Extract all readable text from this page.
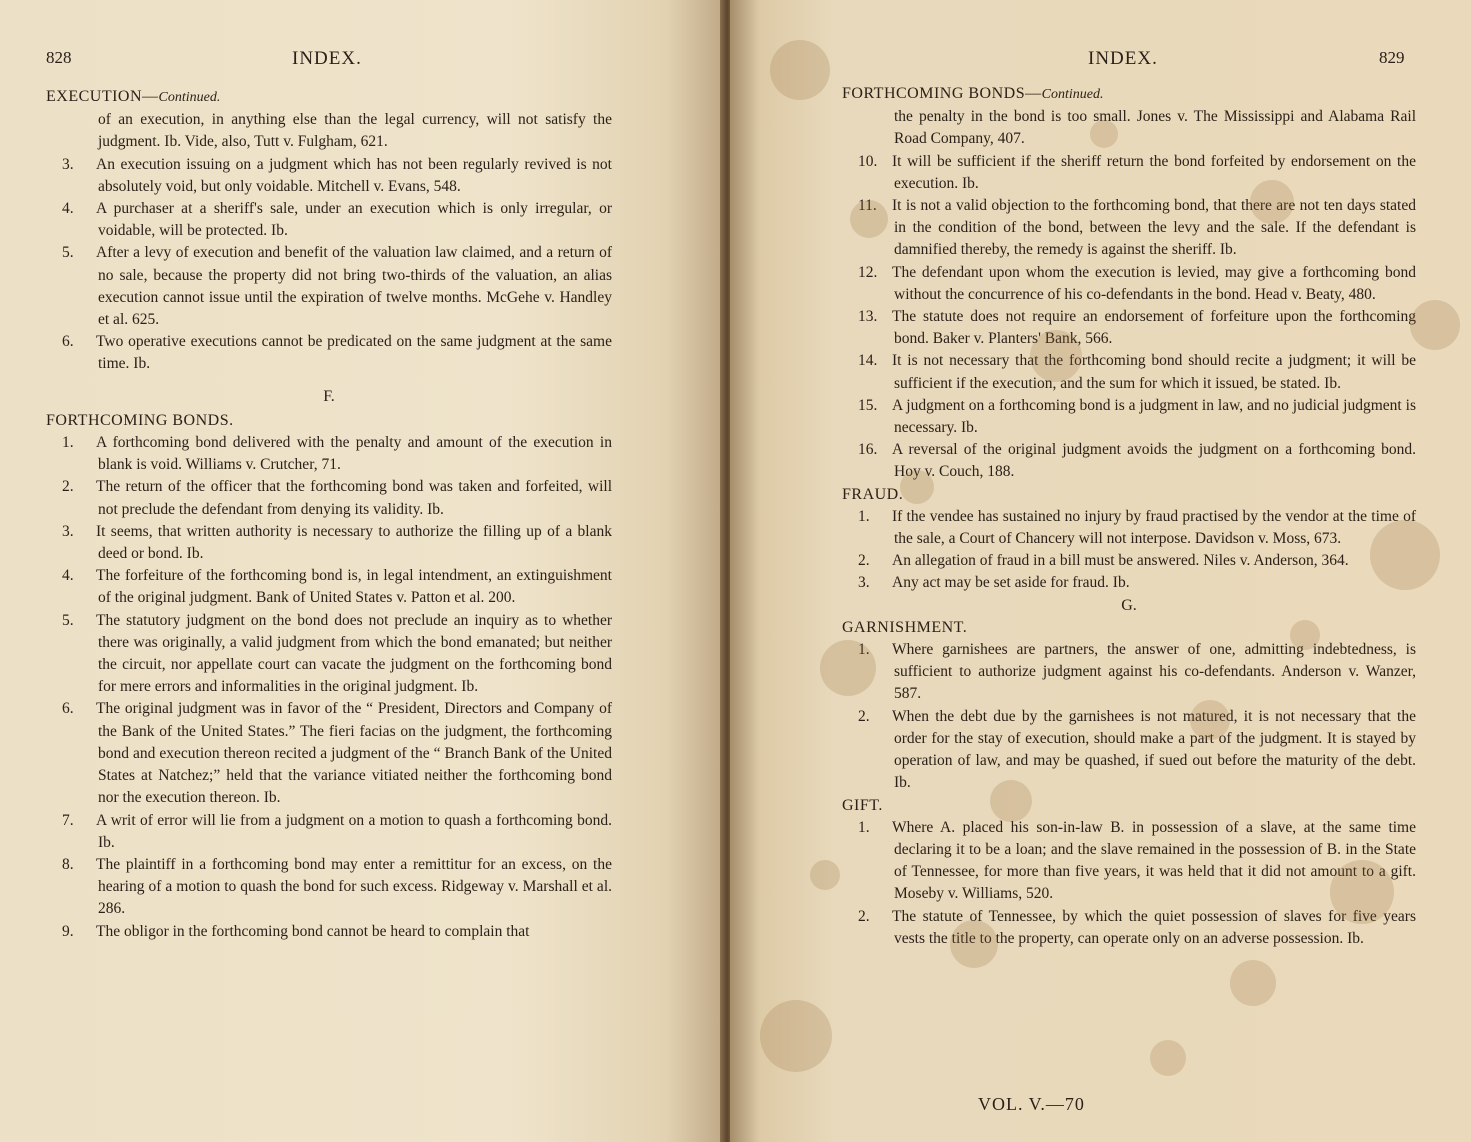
828	INDEX.

EXECUTION—Continued.

of an execution, in anything else than the legal currency, will not satisfy the judgment. Ib. Vide, also, Tutt v. Fulgham, 621.

3. An execution issuing on a judgment which has not been regularly revived is not absolutely void, but only voidable. Mitchell v. Evans, 548.

4. A purchaser at a sheriff's sale, under an execution which is only irregular, or voidable, will be protected. Ib.

5. After a levy of execution and benefit of the valuation law claimed, and a return of no sale, because the property did not bring two-thirds of the valuation, an alias execution cannot issue until the expiration of twelve months. McGehe v. Handley et al. 625.

6. Two operative executions cannot be predicated on the same judgment at the same time. Ib.

F.

FORTHCOMING BONDS.

1. A forthcoming bond delivered with the penalty and amount of the execution in blank is void. Williams v. Crutcher, 71.

2. The return of the officer that the forthcoming bond was taken and forfeited, will not preclude the defendant from denying its validity. Ib.

3. It seems, that written authority is necessary to authorize the filling up of a blank deed or bond. Ib.

4. The forfeiture of the forthcoming bond is, in legal intendment, an extinguishment of the original judgment. Bank of United States v. Patton et al. 200.

5. The statutory judgment on the bond does not preclude an inquiry as to whether there was originally, a valid judgment from which the bond emanated; but neither the circuit, nor appellate court can vacate the judgment on the forthcoming bond for mere errors and informalities in the original judgment. Ib.

6. The original judgment was in favor of the “ President, Directors and Company of the Bank of the United States.” The fieri facias on the judgment, the forthcoming bond and execution thereon recited a judgment of the “ Branch Bank of the United States at Natchez;” held that the variance vitiated neither the forthcoming bond nor the execution thereon. Ib.

7. A writ of error will lie from a judgment on a motion to quash a forthcoming bond. Ib.

8. The plaintiff in a forthcoming bond may enter a remittitur for an excess, on the hearing of a motion to quash the bond for such excess. Ridgeway v. Marshall et al. 286.

9. The obligor in the forthcoming bond cannot be heard to complain that

INDEX.	829

FORTHCOMING BONDS—Continued.

the penalty in the bond is too small. Jones v. The Mississippi and Alabama Rail Road Company, 407.

10. It will be sufficient if the sheriff return the bond forfeited by endorsement on the execution. Ib.

11. It is not a valid objection to the forthcoming bond, that there are not ten days stated in the condition of the bond, between the levy and the sale. If the defendant is damnified thereby, the remedy is against the sheriff. Ib.

12. The defendant upon whom the execution is levied, may give a forthcoming bond without the concurrence of his co-defendants in the bond. Head v. Beaty, 480.

13. The statute does not require an endorsement of forfeiture upon the forthcoming bond. Baker v. Planters' Bank, 566.

14. It is not necessary that the forthcoming bond should recite a judgment; it will be sufficient if the execution, and the sum for which it issued, be stated. Ib.

15. A judgment on a forthcoming bond is a judgment in law, and no judicial judgment is necessary. Ib.

16. A reversal of the original judgment avoids the judgment on a forthcoming bond. Hoy v. Couch, 188.

FRAUD.

1. If the vendee has sustained no injury by fraud practised by the vendor at the time of the sale, a Court of Chancery will not interpose. Davidson v. Moss, 673.

2. An allegation of fraud in a bill must be answered. Niles v. Anderson, 364.

3. Any act may be set aside for fraud. Ib.

G.

GARNISHMENT.

1. Where garnishees are partners, the answer of one, admitting indebtedness, is sufficient to authorize judgment against his co-defendants. Anderson v. Wanzer, 587.

2. When the debt due by the garnishees is not matured, it is not necessary that the order for the stay of execution, should make a part of the judgment. It is stayed by operation of law, and may be quashed, if sued out before the maturity of the debt. Ib.

GIFT.

1. Where A. placed his son-in-law B. in possession of a slave, at the same time declaring it to be a loan; and the slave remained in the possession of B. in the State of Tennessee, for more than five years, it was held that it did not amount to a gift. Moseby v. Williams, 520.

2. The statute of Tennessee, by which the quiet possession of slaves for five years vests the title to the property, can operate only on an adverse possession. Ib.

VOL. V.—70
